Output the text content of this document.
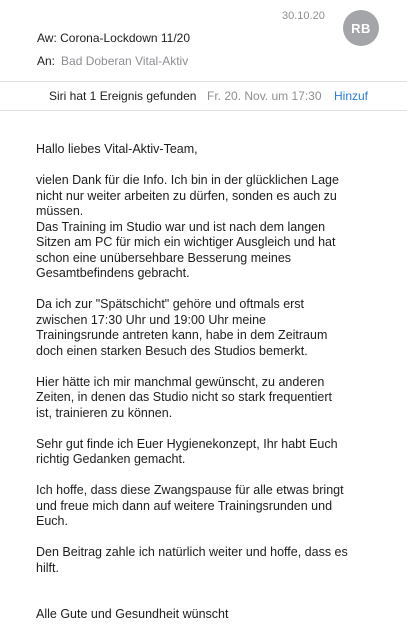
30.10.20
RB
Aw: Corona-Lockdown 11/20
An: Bad Doberan Vital-Aktiv
Siri hat 1 Ereignis gefunden Fr. 20. Nov. um 17:30 Hinzuf

Hallo liebes Vital-Aktiv-Team,

vielen Dank für die Info. Ich bin in der glücklichen Lage
nicht nur weiter arbeiten zu dürfen, sonden es auch zu
müssen.
Das Training im Studio war und ist nach dem langen
Sitzen am PC für mich ein wichtiger Ausgleich und hat
schon eine unübersehbare Besserung meines
Gesamtbefindens gebracht.

Da ich zur "Spätschicht" gehöre und oftmals erst
zwischen 17:30 Uhr und 19:00 Uhr meine
Trainingsrunde antreten kann, habe in dem Zeitraum
doch einen starken Besuch des Studios bemerkt.

Hier hätte ich mir manchmal gewünscht, zu anderen
Zeiten, in denen das Studio nicht so stark frequentiert
ist, trainieren zu können.

Sehr gut finde ich Euer Hygienekonzept, Ihr habt Euch
richtig Gedanken gemacht.

Ich hoffe, dass diese Zwangspause für alle etwas bringt
und freue mich dann auf weitere Trainingsrunden und
Euch.

Den Beitrag zahle ich natürlich weiter und hoffe, dass es
hilft.

Alle Gute und Gesundheit wünscht
